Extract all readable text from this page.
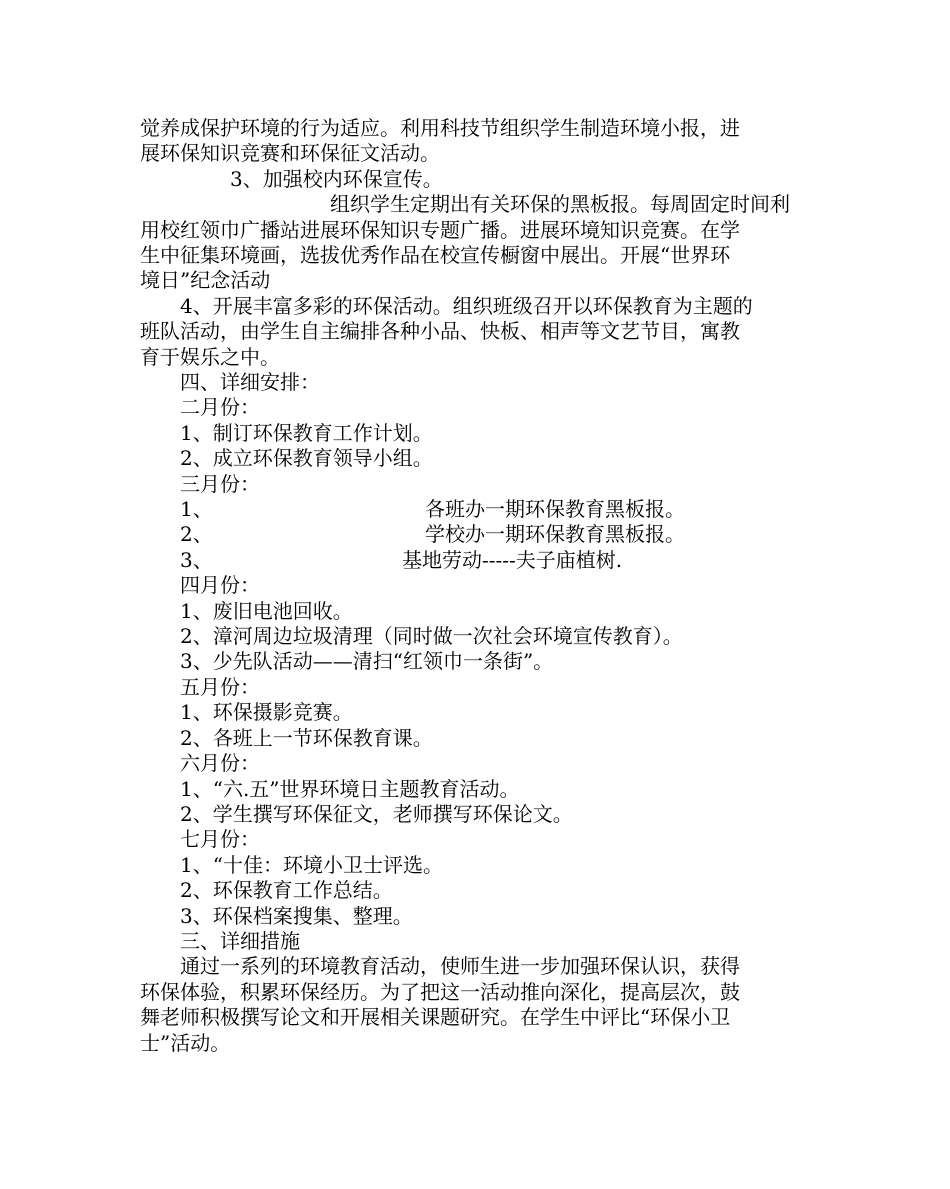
觉养成保护环境的行为适应。利用科技节组织学生制造环境小报，进

展环保知识竞赛和环保征文活动。

3、加强校内环保宣传。

组织学生定期出有关环保的黑板报。每周固定时间利

用校红领巾广播站进展环保知识专题广播。进展环境知识竞赛。在学

生中征集环境画，选拔优秀作品在校宣传橱窗中展出。开展“世界环

境日”纪念活动

4、开展丰富多彩的环保活动。组织班级召开以环保教育为主题的

班队活动，由学生自主编排各种小品、快板、相声等文艺节目，寓教

育于娱乐之中。

四、详细安排：

二月份：

1、制订环保教育工作计划。

2、成立环保教育领导小组。

三月份：

1、	各班办一期环保教育黑板报。
2、	学校办一期环保教育黑板报。
3、	基地劳动-----夫子庙植树.

四月份：

1、废旧电池回收。

2、漳河周边垃圾清理（同时做一次社会环境宣传教育）。

3、少先队活动——清扫“红领巾一条街”。

五月份：

1、环保摄影竞赛。

2、各班上一节环保教育课。

六月份：

1、“六.五”世界环境日主题教育活动。

2、学生撰写环保征文，老师撰写环保论文。

七月份：

1、“十佳：环境小卫士评选。

2、环保教育工作总结。

3、环保档案搜集、整理。

三、详细措施

通过一系列的环境教育活动，使师生进一步加强环保认识，获得

环保体验，积累环保经历。为了把这一活动推向深化，提高层次，鼓

舞老师积极撰写论文和开展相关课题研究。在学生中评比“环保小卫

士”活动。
